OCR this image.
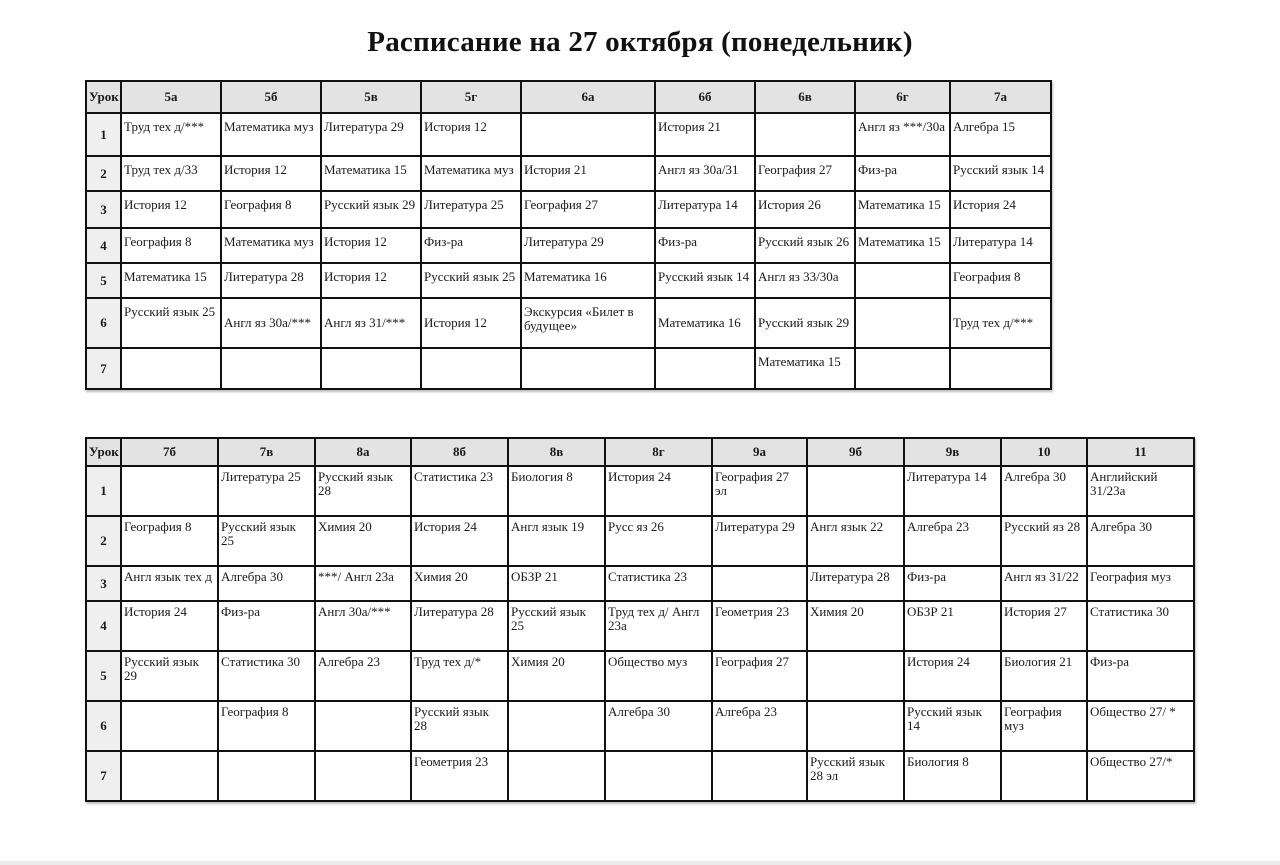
Расписание на 27 октября (понедельник)
Урок	5а	5б	5в	5г	6а	6б	6в	6г	7а
1	Труд тех д/***	Математика муз	Литература 29	История 12		История 21		Англ яз ***/30а	Алгебра 15
2	Труд тех д/33	История 12	Математика 15	Математика муз	История 21	Англ яз 30а/31	География 27	Физ-ра	Русский язык 14
3	История 12	География 8	Русский язык 29	Литература 25	География 27	Литература 14	История 26	Математика 15	История 24
4	География 8	Математика муз	История 12	Физ-ра	Литература 29	Физ-ра	Русский язык 26	Математика 15	Литература 14
5	Математика 15	Литература 28	История 12	Русский язык 25	Математика 16	Русский язык 14	Англ яз 33/30а		География 8
6	Русский язык 25	Англ яз 30а/***	Англ яз 31/***	История 12	Экскурсия «Билет в будущее»	Математика 16	Русский язык 29		Труд тех д/***
7							Математика 15		
Урок	7б	7в	8а	8б	8в	8г	9а	9б	9в	10	11
1		Литература 25	Русский язык 28	Статистика 23	Биология 8	История 24	География 27 эл		Литература 14	Алгебра 30	Английский 31/23а
2	География 8	Русский язык 25	Химия 20	История 24	Англ язык 19	Русс яз 26	Литература 29	Англ язык 22	Алгебра 23	Русский яз 28	Алгебра 30
3	Англ язык тех д	Алгебра 30	***/ Англ 23а	Химия 20	ОБЗР 21	Статистика 23		Литература 28	Физ-ра	Англ яз 31/22	География муз
4	История 24	Физ-ра	Англ 30а/***	Литература 28	Русский язык 25	Труд тех д/ Англ 23а	Геометрия 23	Химия 20	ОБЗР 21	История 27	Статистика 30
5	Русский язык 29	Статистика 30	Алгебра 23	Труд тех д/*	Химия 20	Общество муз	География 27		История 24	Биология 21	Физ-ра
6		География 8		Русский язык 28		Алгебра 30	Алгебра 23		Русский язык 14	География муз	Общество 27/ *
7				Геометрия 23				Русский язык 28 эл	Биология 8		Общество 27/*
